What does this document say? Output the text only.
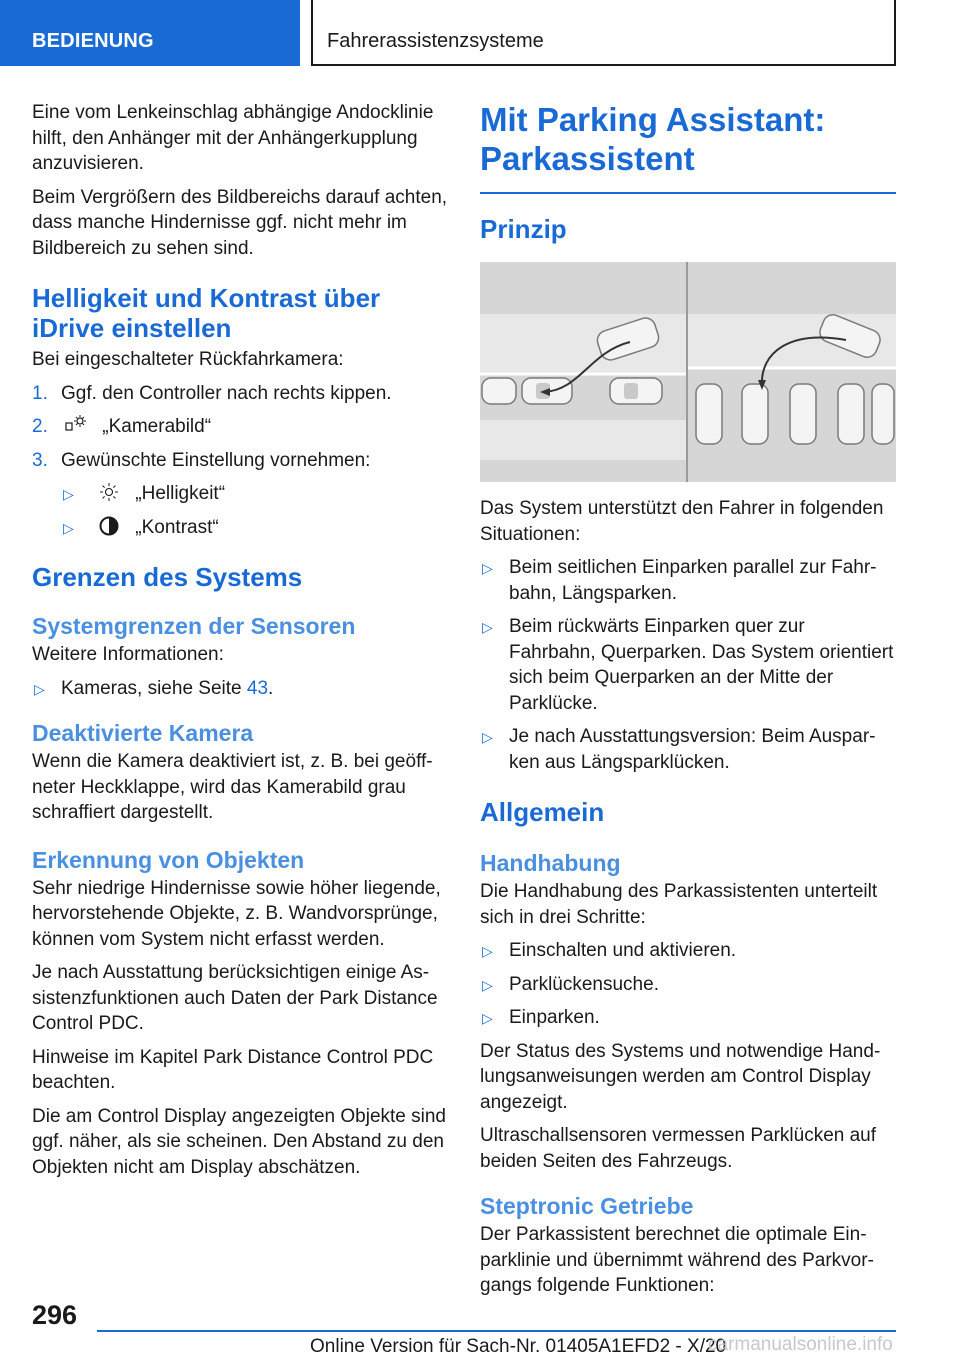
BEDIENUNG	Fahrerassistenzsysteme

Eine vom Lenkeinschlag abhängige Andocklinie hilft, den Anhänger mit der Anhängerkupplung anzuvisieren.

Beim Vergrößern des Bildbereichs darauf achten, dass manche Hindernisse ggf. nicht mehr im Bildbereich zu sehen sind.

Helligkeit und Kontrast über iDrive einstellen

Bei eingeschalteter Rückfahrkamera:

1. Ggf. den Controller nach rechts kippen.
2.	„Kamerabild“
3. Gewünschte Einstellung vornehmen:
▷	„Helligkeit“
▷	„Kontrast“
Grenzen des Systems
Systemgrenzen der Sensoren

Weitere Informationen:

▷ Kameras, siehe Seite 43.
Deaktivierte Kamera

Wenn die Kamera deaktiviert ist, z. B. bei geöff‐ neter Heckklappe, wird das Kamerabild grau schraffiert dargestellt.

Erkennung von Objekten

Sehr niedrige Hindernisse sowie höher liegende, hervorstehende Objekte, z. B. Wandvorsprünge, können vom System nicht erfasst werden.

Je nach Ausstattung berücksichtigen einige As‐ sistenzfunktionen auch Daten der Park Distance Control PDC.

Hinweise im Kapitel Park Distance Control PDC beachten.

Die am Control Display angezeigten Objekte sind ggf. näher, als sie scheinen. Den Abstand zu den Objekten nicht am Display abschätzen.

Mit Parking Assistant: Parkassistent
Prinzip

Das System unterstützt den Fahrer in folgenden Situationen:

▷ Beim seitlichen Einparken parallel zur Fahr‐ bahn, Längsparken.
▷ Beim rückwärts Einparken quer zur Fahrbahn, Querparken. Das System orientiert sich beim Querparken an der Mitte der Parklücke.
▷ Je nach Ausstattungsversion: Beim Auspar‐ ken aus Längsparklücken.
Allgemein
Handhabung

Die Handhabung des Parkassistenten unterteilt sich in drei Schritte:

▷ Einschalten und aktivieren.
▷ Parklückensuche.
▷ Einparken.

Der Status des Systems und notwendige Hand‐ lungsanweisungen werden am Control Display angezeigt.

Ultraschallsensoren vermessen Parklücken auf beiden Seiten des Fahrzeugs.

Steptronic Getriebe

Der Parkassistent berechnet die optimale Ein‐ parklinie und übernimmt während des Parkvor‐ gangs folgende Funktionen:

296
Online Version für Sach-Nr. 01405A1EFD2 - X/20
carmanualsonline.info
